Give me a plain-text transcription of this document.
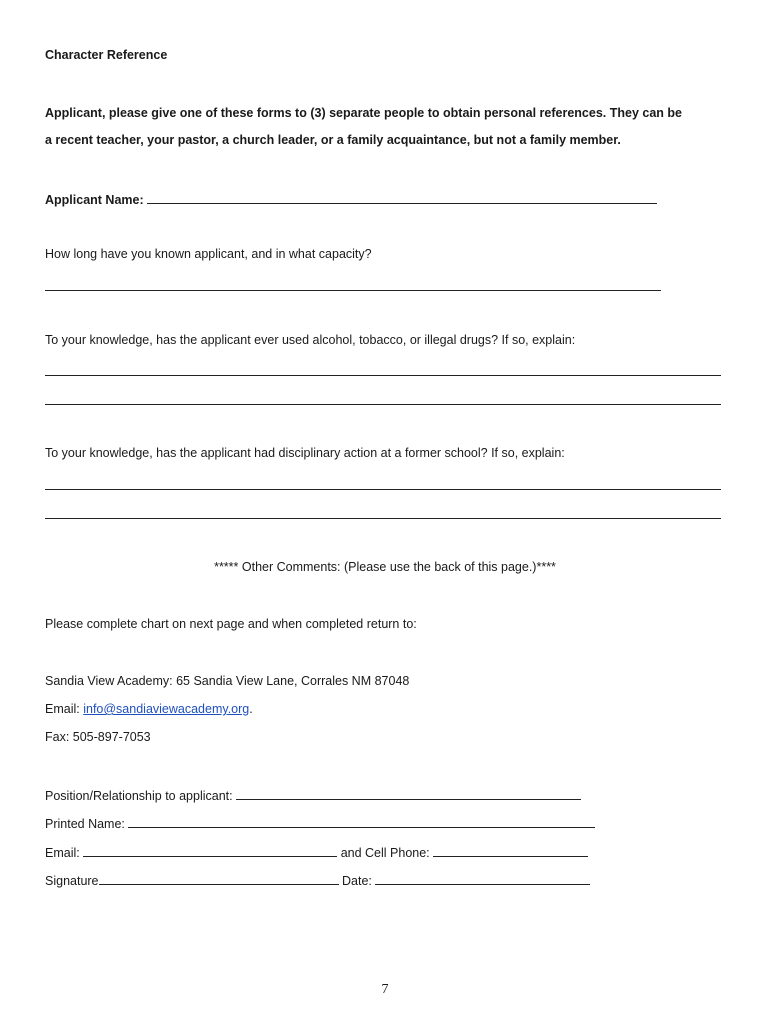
Character Reference
Applicant, please give one of these forms to (3) separate people to obtain personal references. They can be
a recent teacher, your pastor, a church leader, or a family acquaintance, but not a family member.
Applicant Name:
How long have you known applicant, and in what capacity?
To your knowledge, has the applicant ever used alcohol, tobacco, or illegal drugs? If so, explain:
To your knowledge, has the applicant had disciplinary action at a former school? If so, explain:
***** Other Comments: (Please use the back of this page.)****
Please complete chart on next page and when completed return to:
Sandia View Academy: 65 Sandia View Lane, Corrales NM 87048
Email: info@sandiaviewacademy.org.
Fax: 505-897-7053
Position/Relationship to applicant:
Printed Name:
Email:	and Cell Phone:
Signature	Date:
7
